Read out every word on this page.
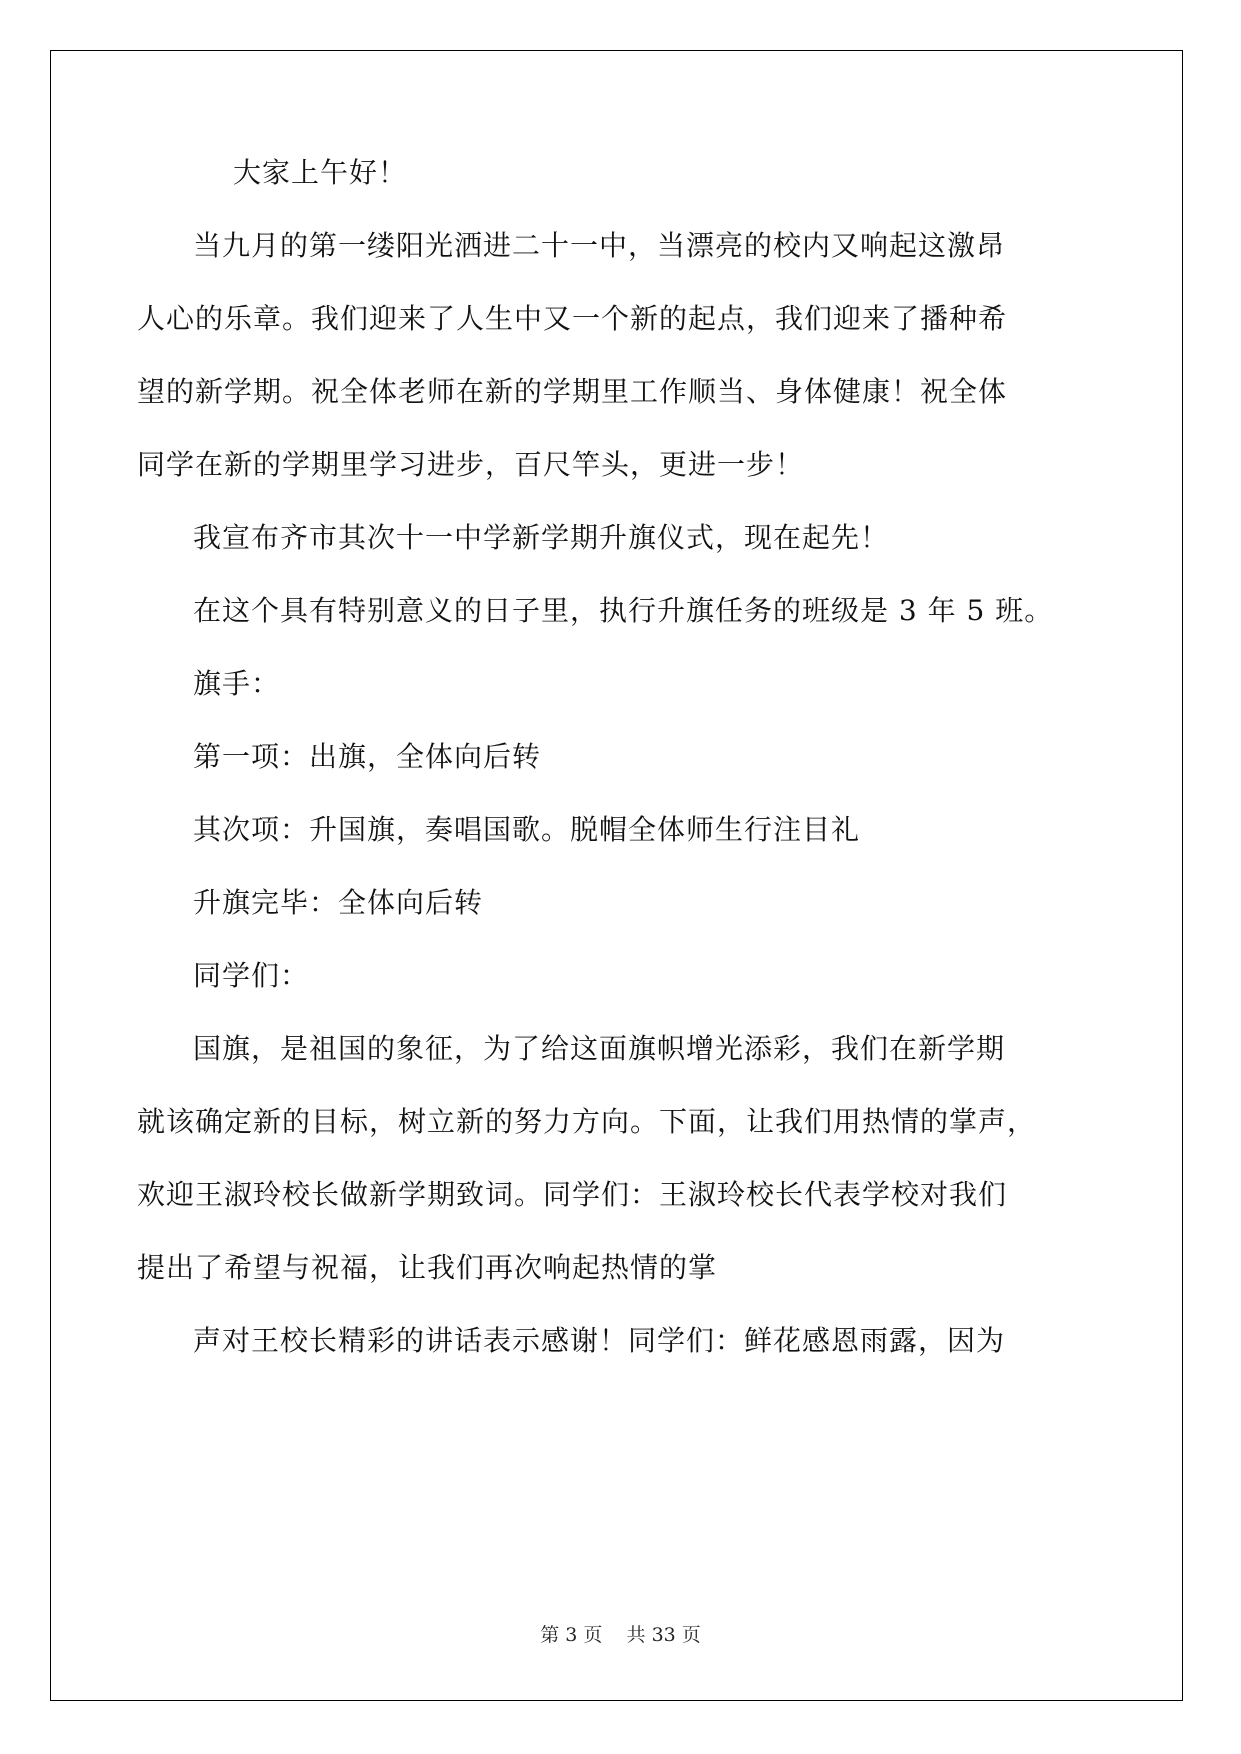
大家上午好！
当九月的第一缕阳光洒进二十一中，当漂亮的校内又响起这激昂
人心的乐章。我们迎来了人生中又一个新的起点，我们迎来了播种希
望的新学期。祝全体老师在新的学期里工作顺当、身体健康！祝全体
同学在新的学期里学习进步，百尺竿头，更进一步！
我宣布齐市其次十一中学新学期升旗仪式，现在起先！
在这个具有特别意义的日子里，执行升旗任务的班级是 3 年 5 班。
旗手：
第一项：出旗，全体向后转
其次项：升国旗，奏唱国歌。脱帽全体师生行注目礼
升旗完毕：全体向后转
同学们：
国旗，是祖国的象征，为了给这面旗帜增光添彩，我们在新学期
就该确定新的目标，树立新的努力方向。下面，让我们用热情的掌声，
欢迎王淑玲校长做新学期致词。同学们：王淑玲校长代表学校对我们
提出了希望与祝福，让我们再次响起热情的掌
声对王校长精彩的讲话表示感谢！同学们：鲜花感恩雨露，因为
第 3 页 共 33 页
